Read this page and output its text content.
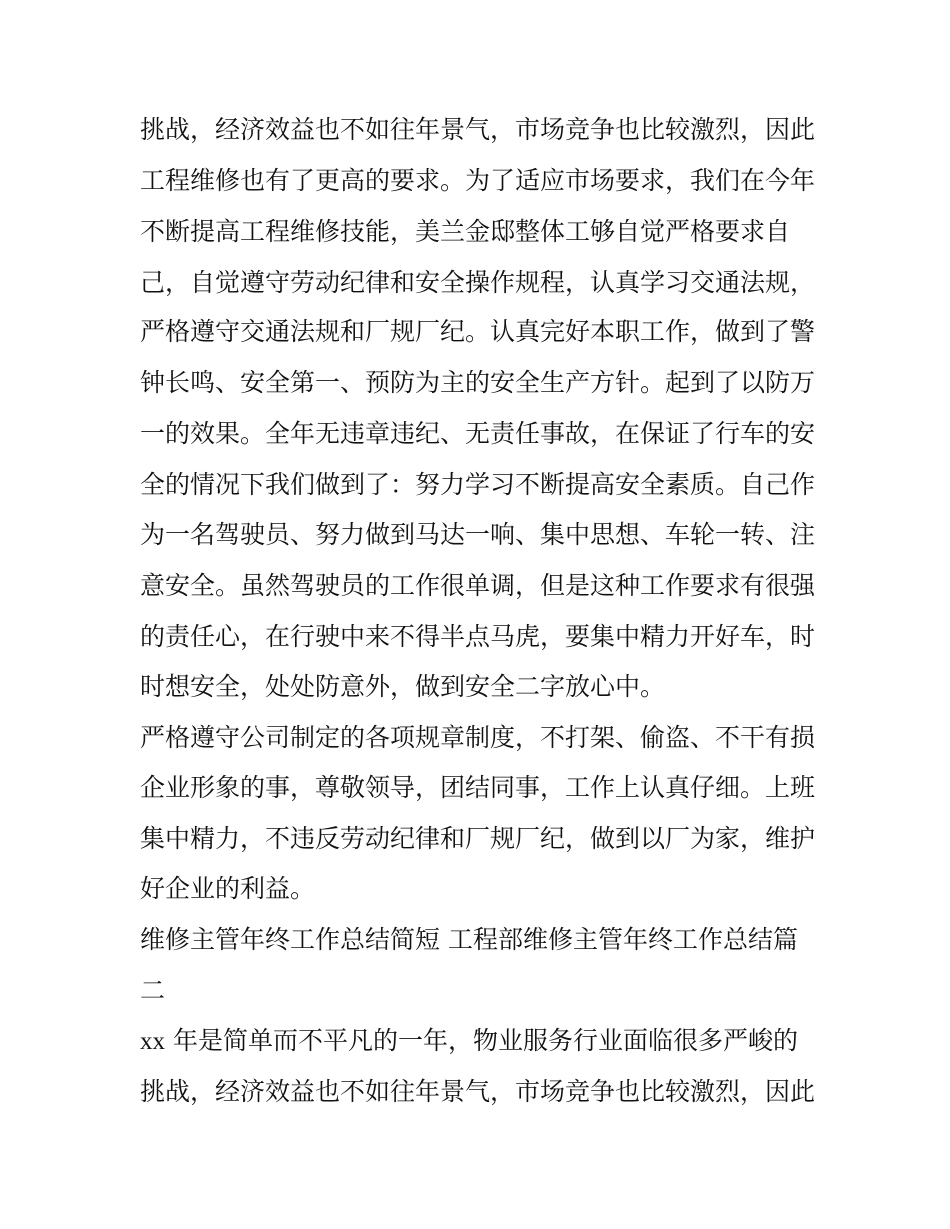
挑战，经济效益也不如往年景气，市场竞争也比较激烈，因此
工程维修也有了更高的要求。为了适应市场要求，我们在今年
不断提高工程维修技能，美兰金邸整体工够自觉严格要求自
己，自觉遵守劳动纪律和安全操作规程，认真学习交通法规，
严格遵守交通法规和厂规厂纪。认真完好本职工作，做到了警
钟长鸣、安全第一、预防为主的安全生产方针。起到了以防万
一的效果。全年无违章违纪、无责任事故，在保证了行车的安
全的情况下我们做到了：努力学习不断提高安全素质。自己作
为一名驾驶员、努力做到马达一响、集中思想、车轮一转、注
意安全。虽然驾驶员的工作很单调，但是这种工作要求有很强
的责任心，在行驶中来不得半点马虎，要集中精力开好车，时
时想安全，处处防意外，做到安全二字放心中。
严格遵守公司制定的各项规章制度，不打架、偷盗、不干有损
企业形象的事，尊敬领导，团结同事，工作上认真仔细。上班
集中精力，不违反劳动纪律和厂规厂纪，做到以厂为家，维护
好企业的利益。
维修主管年终工作总结简短 工程部维修主管年终工作总结篇
二
xx 年是简单而不平凡的一年，物业服务行业面临很多严峻的
挑战，经济效益也不如往年景气，市场竞争也比较激烈，因此
